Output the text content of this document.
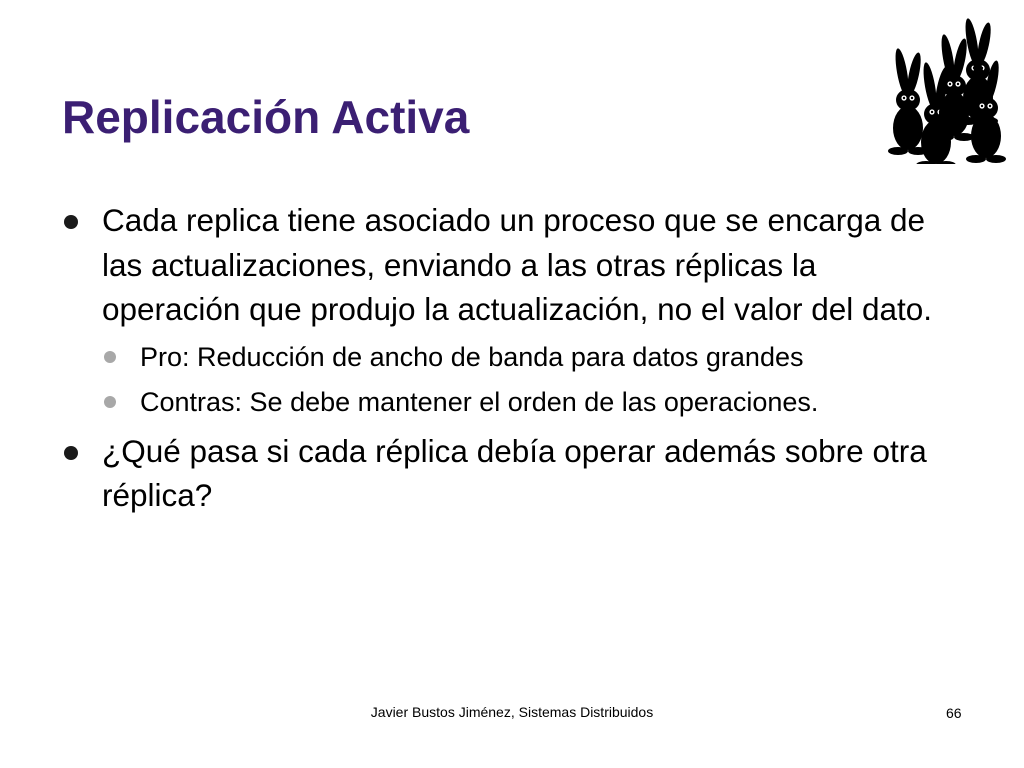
Replicación Activa
Cada replica tiene asociado un proceso que se encarga de las actualizaciones, enviando a las otras réplicas la operación que produjo la actualización, no el valor del dato.
Pro: Reducción de ancho de banda para datos grandes
Contras: Se debe mantener el orden de las operaciones.
¿Qué pasa si cada réplica debía operar además sobre otra réplica?
Javier Bustos Jiménez, Sistemas Distribuidos	66
